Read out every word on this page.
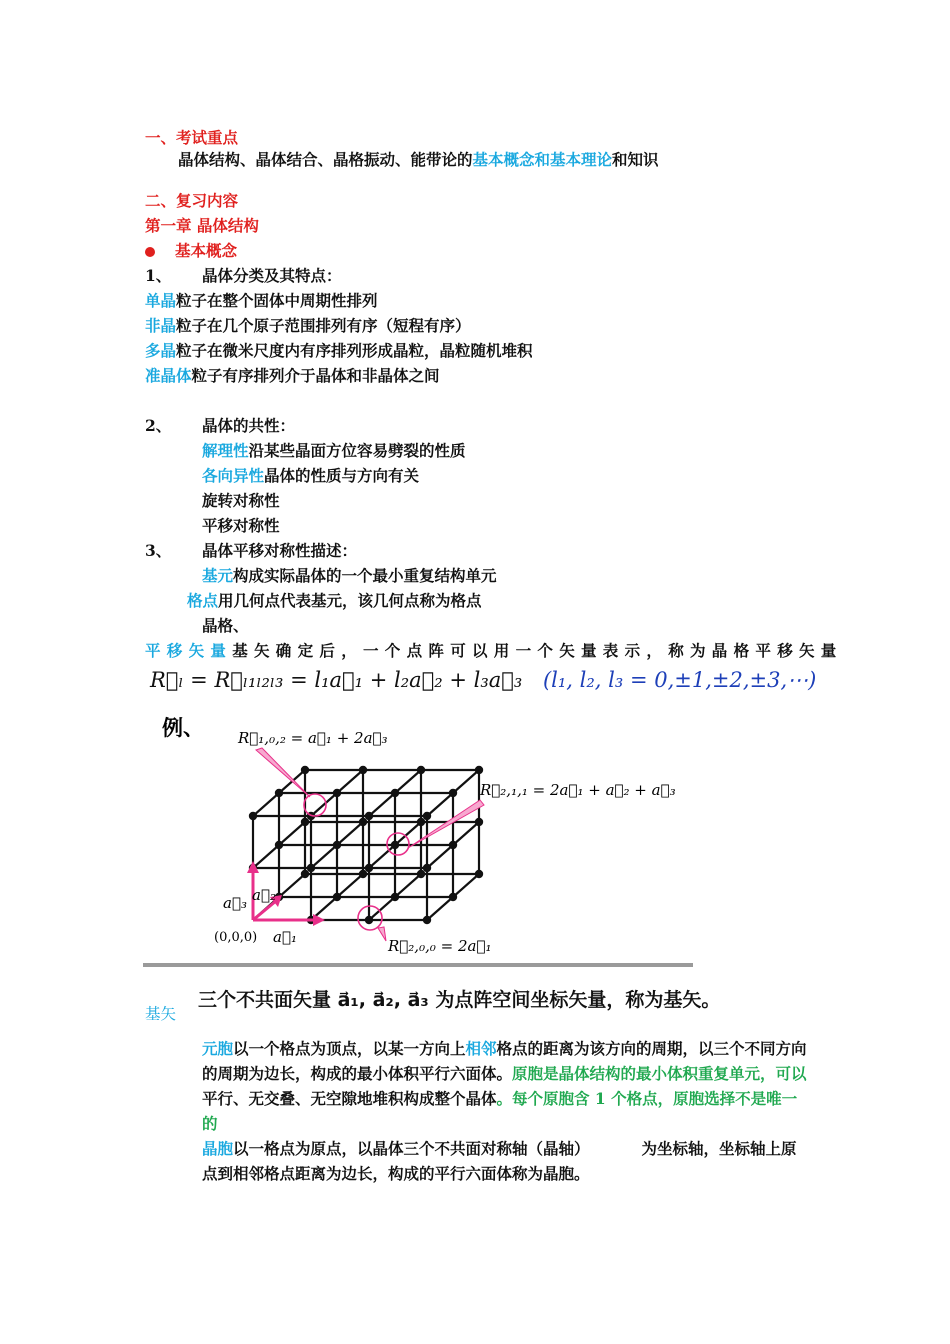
一、考试重点
晶体结构、晶体结合、晶格振动、能带论的基本概念和基本理论和知识
二、复习内容
第一章 晶体结构
基本概念
1、 晶体分类及其特点：
单晶粒子在整个固体中周期性排列
非晶粒子在几个原子范围排列有序（短程有序）
多晶粒子在微米尺度内有序排列形成晶粒，晶粒随机堆积
准晶体粒子有序排列介于晶体和非晶体之间
2、 晶体的共性：
解理性沿某些晶面方位容易劈裂的性质
各向异性晶体的性质与方向有关
旋转对称性
平移对称性
3、 晶体平移对称性描述：
基元构成实际晶体的一个最小重复结构单元
格点用几何点代表基元，该几何点称为格点
晶格、
平移矢量基矢确定后，一个点阵可以用一个矢量表示，称为晶格平移矢量
R⃗ₗ = R⃗ₗ₁ₗ₂ₗ₃ = l₁a⃗₁ + l₂a⃗₂ + l₃a⃗₃ (l₁, l₂, l₃ = 0,±1,±2,±3,⋯)
例、 R⃗₁,₀,₂ = a⃗₁ + 2a⃗₃
R⃗₂,₁,₁ = 2a⃗₁ + a⃗₂ + a⃗₃
R⃗₂,₀,₀ = 2a⃗₁
a⃗₁
a⃗₂
a⃗₃
(0,0,0)
基矢
三个不共面矢量 a⃗₁, a⃗₂, a⃗₃ 为点阵空间坐标矢量，称为基矢。
元胞以一个格点为顶点，以某一方向上相邻格点的距离为该方向的周期，以三个不同方向的周期为边长，构成的最小体积平行六面体。原胞是晶体结构的最小体积重复单元，可以平行、无交叠、无空隙地堆积构成整个晶体。每个原胞含 1 个格点，原胞选择不是唯一的
晶胞以一格点为原点，以晶体三个不共面对称轴（晶轴）	为坐标轴，坐标轴上原点到相邻格点距离为边长，构成的平行六面体称为晶胞。
